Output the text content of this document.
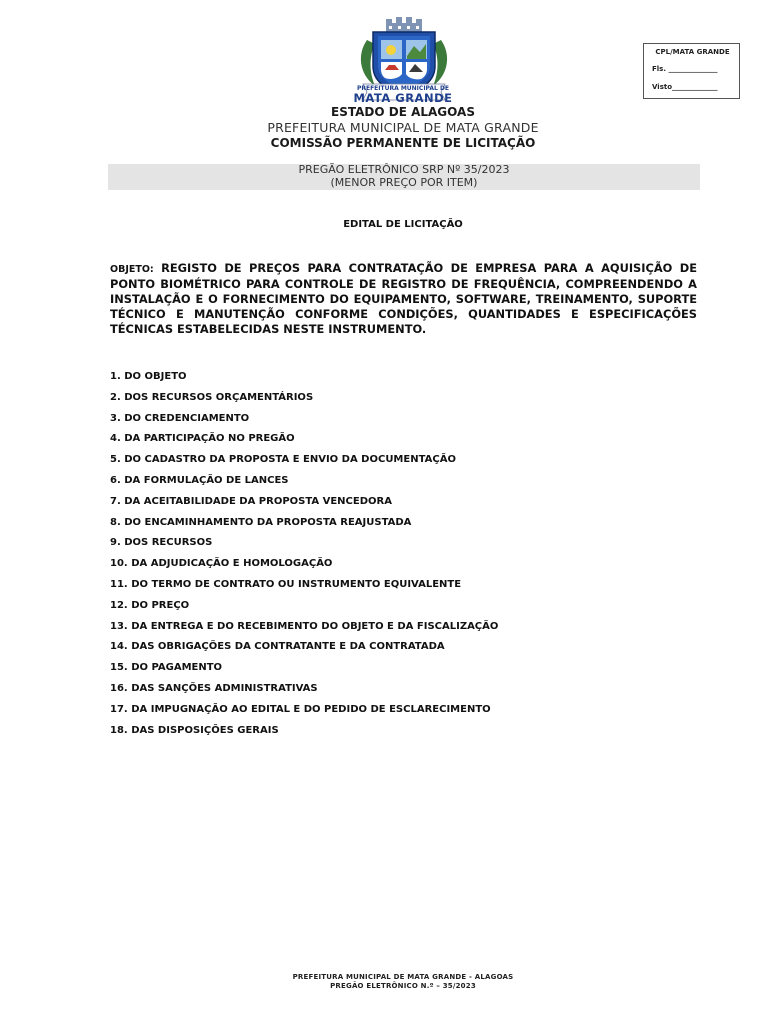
CPL/MATA GRANDE
Fls. ______________
Visto_____________
PREFEITURA MUNICIPAL DE
MATA GRANDE
ESTADO DE ALAGOAS
PREFEITURA MUNICIPAL DE MATA GRANDE
COMISSÃO PERMANENTE DE LICITAÇÃO
PREGÃO ELETRÔNICO SRP Nº 35/2023
(MENOR PREÇO POR ITEM)
EDITAL DE LICITAÇÃO
OBJETO: REGISTO DE PREÇOS PARA CONTRATAÇÃO DE EMPRESA PARA A AQUISIÇÃO DE PONTO BIOMÉTRICO PARA CONTROLE DE REGISTRO DE FREQUÊNCIA, COMPREENDENDO A INSTALAÇÃO E O FORNECIMENTO DO EQUIPAMENTO, SOFTWARE, TREINAMENTO, SUPORTE TÉCNICO E MANUTENÇÃO CONFORME CONDIÇÕES, QUANTIDADES E ESPECIFICAÇÕES TÉCNICAS ESTABELECIDAS NESTE INSTRUMENTO.
1. DO OBJETO
2. DOS RECURSOS ORÇAMENTÁRIOS
3. DO CREDENCIAMENTO
4. DA PARTICIPAÇÃO NO PREGÃO
5. DO CADASTRO DA PROPOSTA E ENVIO DA DOCUMENTAÇÃO
6. DA FORMULAÇÃO DE LANCES
7. DA ACEITABILIDADE DA PROPOSTA VENCEDORA
8. DO ENCAMINHAMENTO DA PROPOSTA REAJUSTADA
9. DOS RECURSOS
10. DA ADJUDICAÇÃO E HOMOLOGAÇÃO
11. DO TERMO DE CONTRATO OU INSTRUMENTO EQUIVALENTE
12. DO PREÇO
13. DA ENTREGA E DO RECEBIMENTO DO OBJETO E DA FISCALIZAÇÃO
14. DAS OBRIGAÇÕES DA CONTRATANTE E DA CONTRATADA
15. DO PAGAMENTO
16. DAS SANÇÕES ADMINISTRATIVAS
17. DA IMPUGNAÇÃO AO EDITAL E DO PEDIDO DE ESCLARECIMENTO
18. DAS DISPOSIÇÕES GERAIS
PREFEITURA MUNICIPAL DE MATA GRANDE - ALAGOAS
PREGÃO ELETRÔNICO N.º – 35/2023
